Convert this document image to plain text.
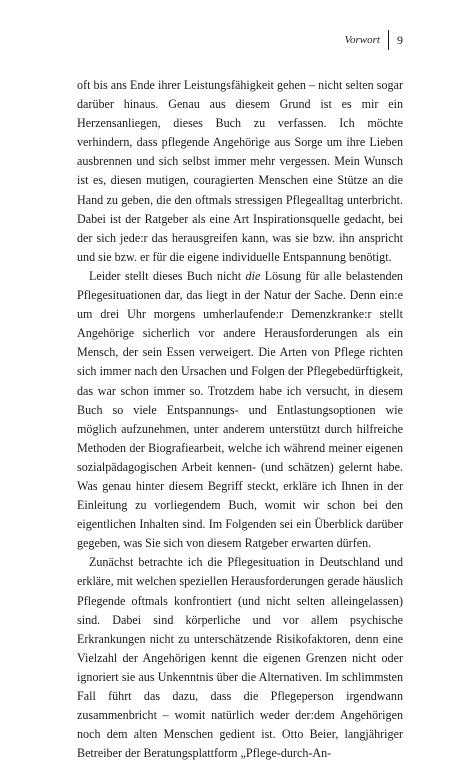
Vorwort	9

oft bis ans Ende ihrer Leistungsfähigkeit gehen – nicht selten sogar darüber hinaus. Genau aus diesem Grund ist es mir ein Herzensanliegen, dieses Buch zu verfassen. Ich möchte verhindern, dass pflegende Angehörige aus Sorge um ihre Lieben ausbrennen und sich selbst immer mehr vergessen. Mein Wunsch ist es, diesen mutigen, couragierten Menschen eine Stütze an die Hand zu geben, die den oftmals stressigen Pflegealltag unterbricht. Dabei ist der Ratgeber als eine Art Inspirationsquelle gedacht, bei der sich jede:r das herausgreifen kann, was sie bzw. ihn anspricht und sie bzw. er für die eigene individuelle Entspannung benötigt.

Leider stellt dieses Buch nicht die Lösung für alle belastenden Pflegesituationen dar, das liegt in der Natur der Sache. Denn ein:e um drei Uhr morgens umherlaufende:r Demenzkranke:r stellt Angehörige sicherlich vor andere Herausforderungen als ein Mensch, der sein Essen verweigert. Die Arten von Pflege richten sich immer nach den Ursachen und Folgen der Pflegebedürftigkeit, das war schon immer so. Trotzdem habe ich versucht, in diesem Buch so viele Entspannungs- und Entlastungsoptionen wie möglich aufzunehmen, unter anderem unterstützt durch hilfreiche Methoden der Biografiearbeit, welche ich während meiner eigenen sozialpädagogischen Arbeit kennen- (und schätzen) gelernt habe. Was genau hinter diesem Begriff steckt, erkläre ich Ihnen in der Einleitung zu vorliegendem Buch, womit wir schon bei den eigentlichen Inhalten sind. Im Folgenden sei ein Überblick darüber gegeben, was Sie sich von diesem Ratgeber erwarten dürfen.

Zunächst betrachte ich die Pflegesituation in Deutschland und erkläre, mit welchen speziellen Herausforderungen gerade häuslich Pflegende oftmals konfrontiert (und nicht selten alleingelassen) sind. Dabei sind körperliche und vor allem psychische Erkrankungen nicht zu unterschätzende Risikofaktoren, denn eine Vielzahl der Angehörigen kennt die eigenen Grenzen nicht oder ignoriert sie aus Unkenntnis über die Alternativen. Im schlimmsten Fall führt das dazu, dass die Pflegeperson irgendwann zusammenbricht – womit natürlich weder der:dem Angehörigen noch dem alten Menschen gedient ist. Otto Beier, langjähriger Betreiber der Beratungsplattform „Pflege-durch-An-
